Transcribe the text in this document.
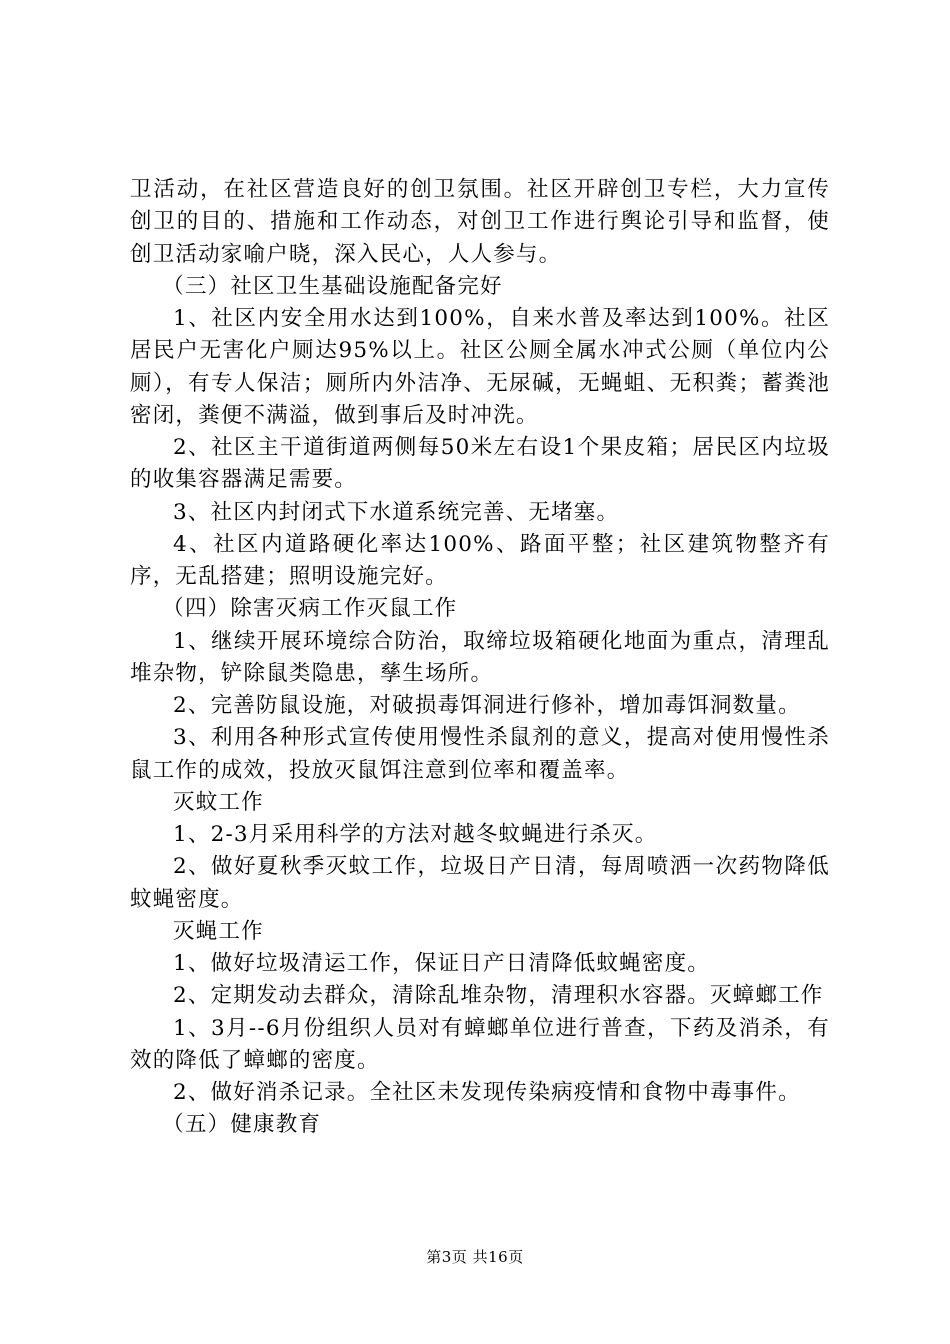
卫活动，在社区营造良好的创卫氛围。社区开辟创卫专栏，大力宣传创卫的目的、措施和工作动态，对创卫工作进行舆论引导和监督，使创卫活动家喻户晓，深入民心，人人参与。

（三）社区卫生基础设施配备完好

1、社区内安全用水达到100%，自来水普及率达到100%。社区居民户无害化户厕达95%以上。社区公厕全属水冲式公厕（单位内公厕），有专人保洁；厕所内外洁净、无尿碱，无蝇蛆、无积粪；蓄粪池密闭，粪便不满溢，做到事后及时冲洗。

2、社区主干道街道两侧每50米左右设1个果皮箱；居民区内垃圾的收集容器满足需要。

3、社区内封闭式下水道系统完善、无堵塞。

4、社区内道路硬化率达100%、路面平整；社区建筑物整齐有序，无乱搭建；照明设施完好。

（四）除害灭病工作灭鼠工作

1、继续开展环境综合防治，取缔垃圾箱硬化地面为重点，清理乱堆杂物，铲除鼠类隐患，孳生场所。

2、完善防鼠设施，对破损毒饵洞进行修补，增加毒饵洞数量。

3、利用各种形式宣传使用慢性杀鼠剂的意义，提高对使用慢性杀鼠工作的成效，投放灭鼠饵注意到位率和覆盖率。

灭蚊工作

1、2-3月采用科学的方法对越冬蚊蝇进行杀灭。

2、做好夏秋季灭蚊工作，垃圾日产日清，每周喷洒一次药物降低蚊蝇密度。

灭蝇工作

1、做好垃圾清运工作，保证日产日清降低蚊蝇密度。

2、定期发动去群众，清除乱堆杂物，清理积水容器。灭蟑螂工作

1、3月--6月份组织人员对有蟑螂单位进行普查，下药及消杀，有效的降低了蟑螂的密度。

2、做好消杀记录。全社区未发现传染病疫情和食物中毒事件。

（五）健康教育

第3页 共16页
